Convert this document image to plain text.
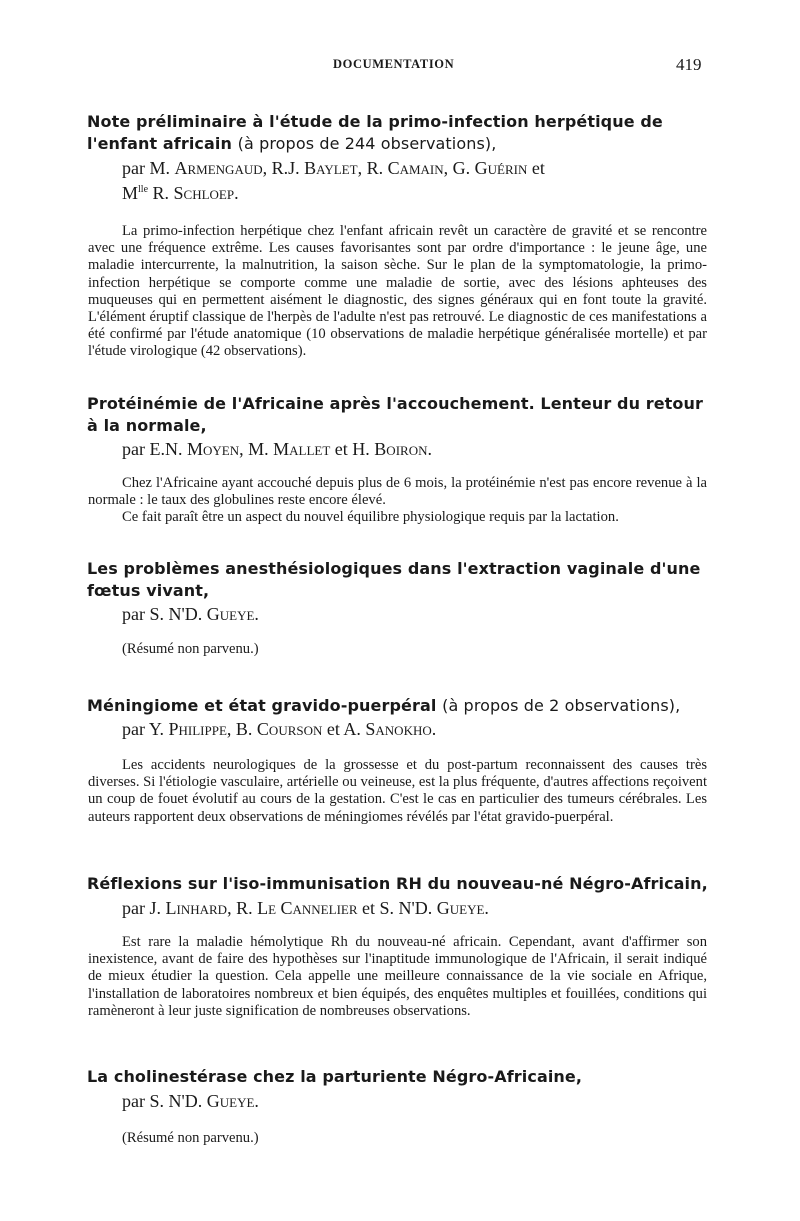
DOCUMENTATION	419
Note préliminaire à l'étude de la primo-infection herpétique de l'enfant africain (à propos de 244 observations),

par M. Armengaud, R.J. Baylet, R. Camain, G. Guérin et

$M^{lle}$ R. Schloep.

La primo-infection herpétique chez l'enfant africain revêt un caractère de gravité et se rencontre avec une fréquence extrême. Les causes favorisantes sont par ordre d'importance : le jeune âge, une maladie intercurrente, la malnutrition, la saison sèche. Sur le plan de la symptomatologie, la primo-infection herpétique se comporte comme une maladie de sortie, avec des lésions aphteuses des muqueuses qui en permettent aisément le diagnostic, des signes généraux qui en font toute la gravité. L'élément éruptif classique de l'herpès de l'adulte n'est pas retrouvé. Le diagnostic de ces manifestations a été confirmé par l'étude anatomique (10 observations de maladie herpétique généralisée mortelle) et par l'étude virologique (42 observations).

Protéinémie de l'Africaine après l'accouchement. Lenteur du retour à la normale,

par E.N. Moyen, M. Mallet et H. Boiron.

Chez l'Africaine ayant accouché depuis plus de 6 mois, la protéinémie n'est pas encore revenue à la normale : le taux des globulines reste encore élevé.

Ce fait paraît être un aspect du nouvel équilibre physiologique requis par la lactation.

Les problèmes anesthésiologiques dans l'extraction vaginale d'une fœtus vivant,

par S. N'D. Gueye.

(Résumé non parvenu.)

Méningiome et état gravido-puerpéral (à propos de 2 observations),

par Y. Philippe, B. Courson et A. Sanokho.

Les accidents neurologiques de la grossesse et du post-partum reconnaissent des causes très diverses. Si l'étiologie vasculaire, artérielle ou veineuse, est la plus fréquente, d'autres affections reçoivent un coup de fouet évolutif au cours de la gestation. C'est le cas en particulier des tumeurs cérébrales. Les auteurs rapportent deux observations de méningiomes révélés par l'état gravido-puerpéral.

Réflexions sur l'iso-immunisation RH du nouveau-né Négro-Africain,

par J. Linhard, R. Le Cannelier et S. N'D. Gueye.

Est rare la maladie hémolytique Rh du nouveau-né africain. Cependant, avant d'affirmer son inexistence, avant de faire des hypothèses sur l'inaptitude immunologique de l'Africain, il serait indiqué de mieux étudier la question. Cela appelle une meilleure connaissance de la vie sociale en Afrique, l'installation de laboratoires nombreux et bien équipés, des enquêtes multiples et fouillées, conditions qui ramèneront à leur juste signification de nombreuses observations.

La cholinestérase chez la parturiente Négro-Africaine,

par S. N'D. Gueye.

(Résumé non parvenu.)
